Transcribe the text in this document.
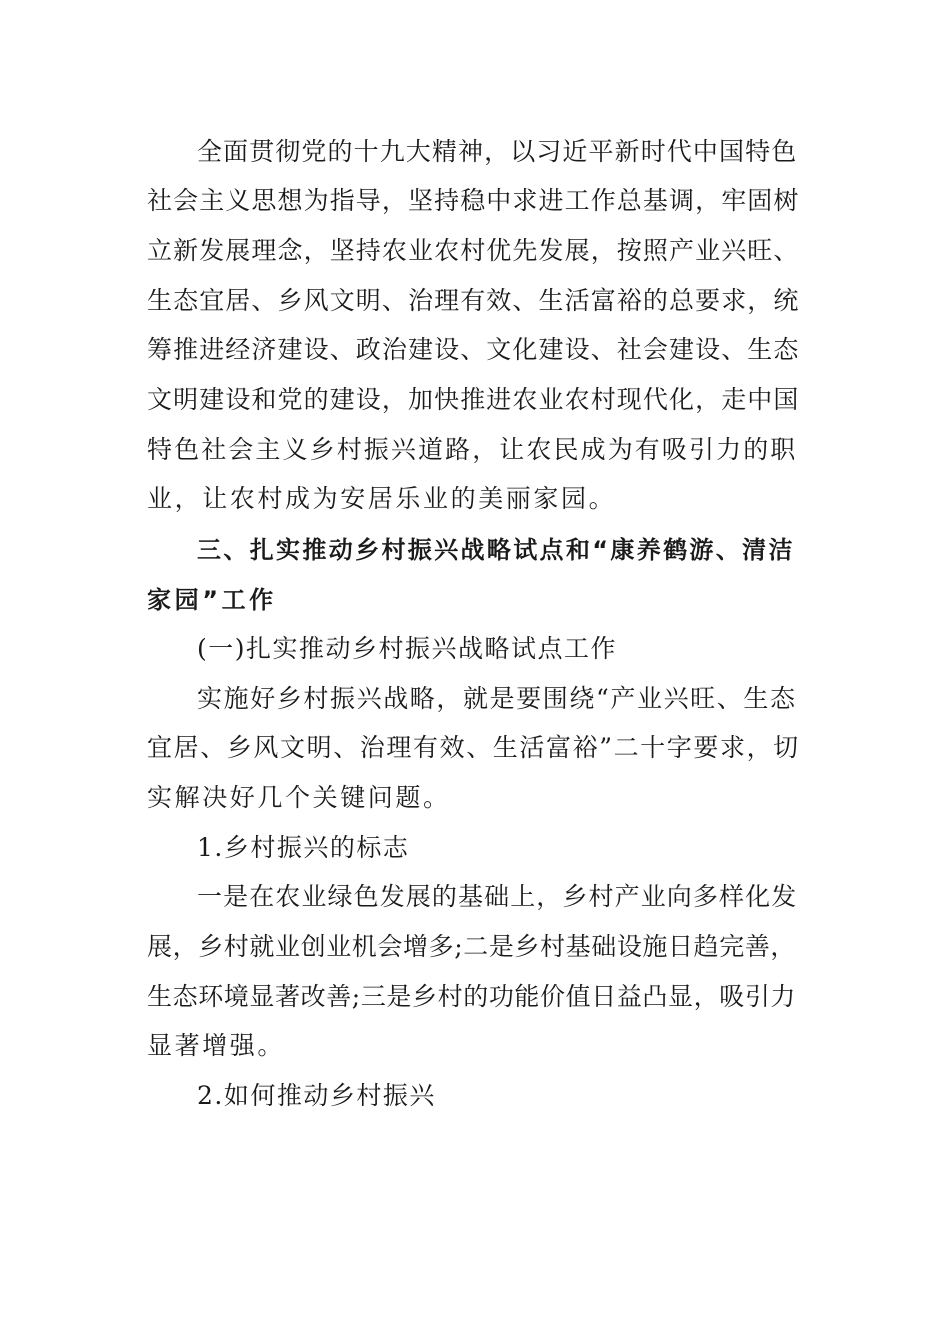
全面贯彻党的十九大精神，以习近平新时代中国特色
社会主义思想为指导，坚持稳中求进工作总基调，牢固树
立新发展理念，坚持农业农村优先发展，按照产业兴旺、
生态宜居、乡风文明、治理有效、生活富裕的总要求，统
筹推进经济建设、政治建设、文化建设、社会建设、生态
文明建设和党的建设，加快推进农业农村现代化，走中国
特色社会主义乡村振兴道路，让农民成为有吸引力的职
业，让农村成为安居乐业的美丽家园。
三、扎实推动乡村振兴战略试点和“康养鹤游、清洁
家园”工作
(一)扎实推动乡村振兴战略试点工作
实施好乡村振兴战略，就是要围绕“产业兴旺、生态
宜居、乡风文明、治理有效、生活富裕”二十字要求，切
实解决好几个关键问题。
1.乡村振兴的标志
一是在农业绿色发展的基础上，乡村产业向多样化发
展，乡村就业创业机会增多;二是乡村基础设施日趋完善，
生态环境显著改善;三是乡村的功能价值日益凸显，吸引力
显著增强。
2.如何推动乡村振兴
